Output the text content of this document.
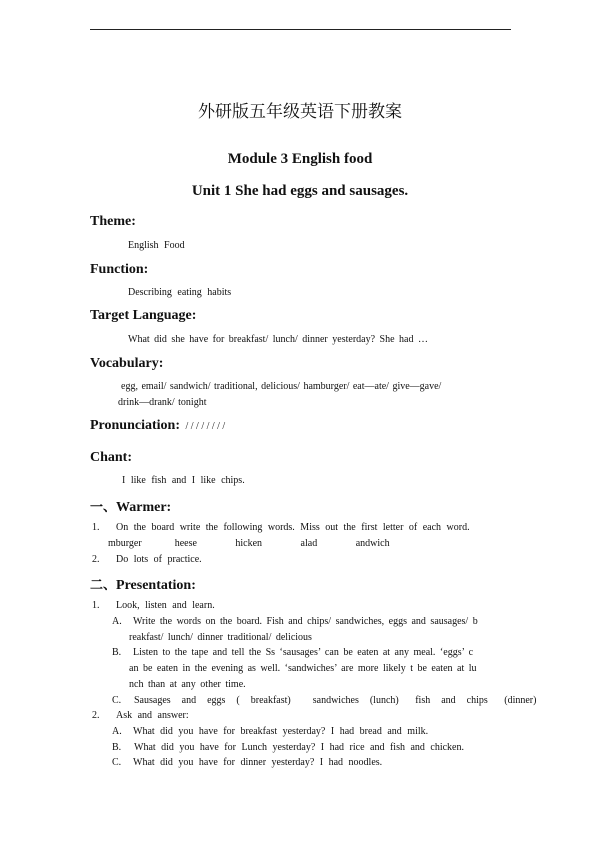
外研版五年级英语下册教案
Module 3 English food
Unit 1 She had eggs and sausages.
Theme:
English Food
Function:
Describing eating habits
Target Language:
What did she have for breakfast/ lunch/ dinner yesterday? She had …
Vocabulary:
egg, email/ sandwich/ traditional, delicious/ hamburger/ eat—ate/ give—gave/
drink—drank/ tonight
Pronunciation: / / / / / / / /
Chant:
I like fish and I like chips.
一、Warmer:
1. On the board write the following words. Miss out the first letter of each word.
mburger      heese       hicken       alad       andwich
2. Do lots of practice.
二、Presentation:
1. Look, listen and learn.
A. Write the words on the board. Fish and chips/ sandwiches, eggs and sausages/ b
reakfast/ lunch/ dinner traditional/ delicious
B. Listen to the tape and tell the Ss ‘sausages’ can be eaten at any meal. ‘eggs’ c
an be eaten in the evening as well. ‘sandwiches’ are more likely t be eaten at lu
nch than at any other time.
C. Sausages  and  eggs  (  breakfast)    sandwiches  (lunch)   fish  and  chips   (dinner)
2. Ask and answer:
A. What did you have for breakfast yesterday? I had bread and milk.
B. What did you have for Lunch yesterday? I had rice and fish and chicken.
C. What did you have for dinner yesterday? I had noodles.
